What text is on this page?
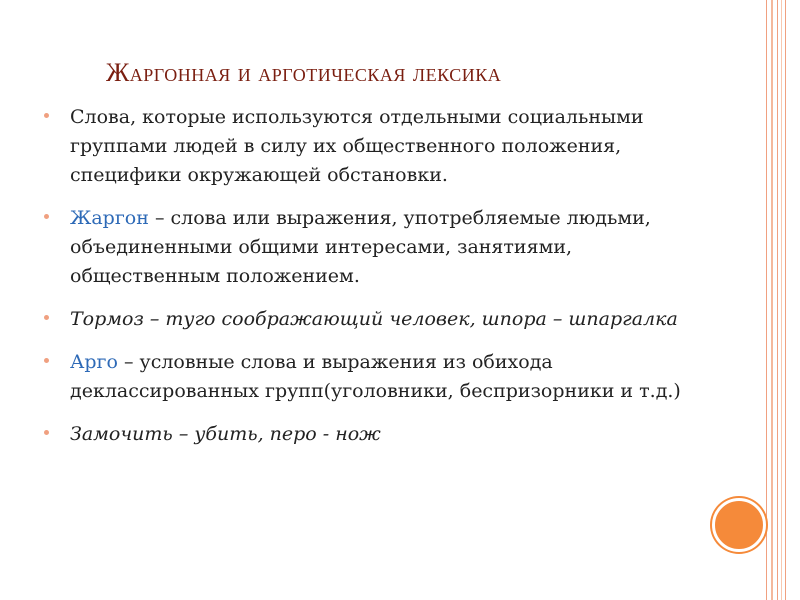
Жаргонная и арготическая лексика
Слова, которые используются отдельными социальными группами людей в силу их общественного положения, специфики окружающей обстановки.
Жаргон – слова или выражения, употребляемые людьми, объединенными общими интересами, занятиями, общественным положением.
Тормоз – туго соображающий человек, шпора – шпаргалка
Арго – условные слова и выражения из обихода деклассированных групп(уголовники, беспризорники и т.д.)
Замочить – убить, перо - нож
